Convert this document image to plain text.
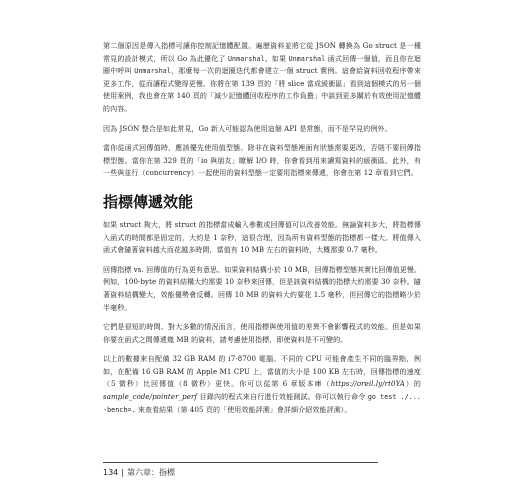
第二個原因是傳入指標可讓你控制記憶體配置。遍歷資料並將它從 JSON 轉換為 Go struct 是一種常見的設計模式，所以 Go 為此優化了 Unmarshal。如果 Unmarshal 函式回傳一個值，而且你在迴圈中呼叫 Unmarshal，那麼每一次的迴圈迭代都會建立一個 struct 實例。這會給資料回收程序帶來更多工作，從而讓程式變得更慢。你將在第 139 頁的「將 slice 當成緩衝區」看到這個模式的另一個使用案例，我也會在第 140 頁的「減少記憶體回收程序的工作負擔」中談到更多關於有效使用記憶體的內容。

因為 JSON 整合是如此常見，Go 新人可能認為使用這個 API 是常態，而不是罕見的例外。

當你從函式回傳值時，應該優先使用值型態。除非在資料型態裡面有狀態需要更改，否則不要回傳指標型態。當你在第 329 頁的「io 與朋友」瞭解 I/O 時，你會看到用來讀寫資料的緩衝區。此外，有一些與並行（concurrency）一起使用的資料型態一定要用指標來傳遞，你會在第 12 章看到它們。

指標傳遞效能

如果 struct 夠大，將 struct 的指標當成輸入參數或回傳值可以改善效能。無論資料多大，將指標傳入函式的時間都是固定的，大約是 1 奈秒，這很合理，因為所有資料型態的指標都一樣大。將值傳入函式會隨著資料越大而花越多時間，當值有 10 MB 左右的資料時，大概需要 0.7 毫秒。

回傳指標 vs. 回傳值的行為更有意思。如果資料結構小於 10 MB，回傳指標型態其實比回傳值更慢。例如，100-byte 的資料結構大約需要 10 奈秒來回傳，但是該資料結構的指標大約需要 30 奈秒。隨著資料結構變大，效能優勢會反轉。回傳 10 MB 的資料大約要花 1.5 毫秒，但回傳它的指標略少於半毫秒。

它們是很短的時間。對大多數的情況而言，使用指標與使用值的差異不會影響程式的效能。但是如果你要在函式之間傳遞幾 MB 的資料，請考慮使用指標，即使資料是不可變的。

以上的數據來自配備 32 GB RAM 的 i7-8700 電腦。不同的 CPU 可能會產生不同的臨界點，例如，在配備 16 GB RAM 的 Apple M1 CPU 上，當值的大小是 100 KB 左右時，回傳指標的速度（5 微秒）比回傳值（8 微秒）更快。你可以從第 6 章版本庫（https://oreil.ly/rt0YA）的 sample_code/pointer_perf 目錄內的程式來自行進行效能測試。你可以執行命令 go test ./... -bench=. 來查看結果（第 405 頁的「使用效能評測」會詳細介紹效能評測）。

134 | 第六章：指標
